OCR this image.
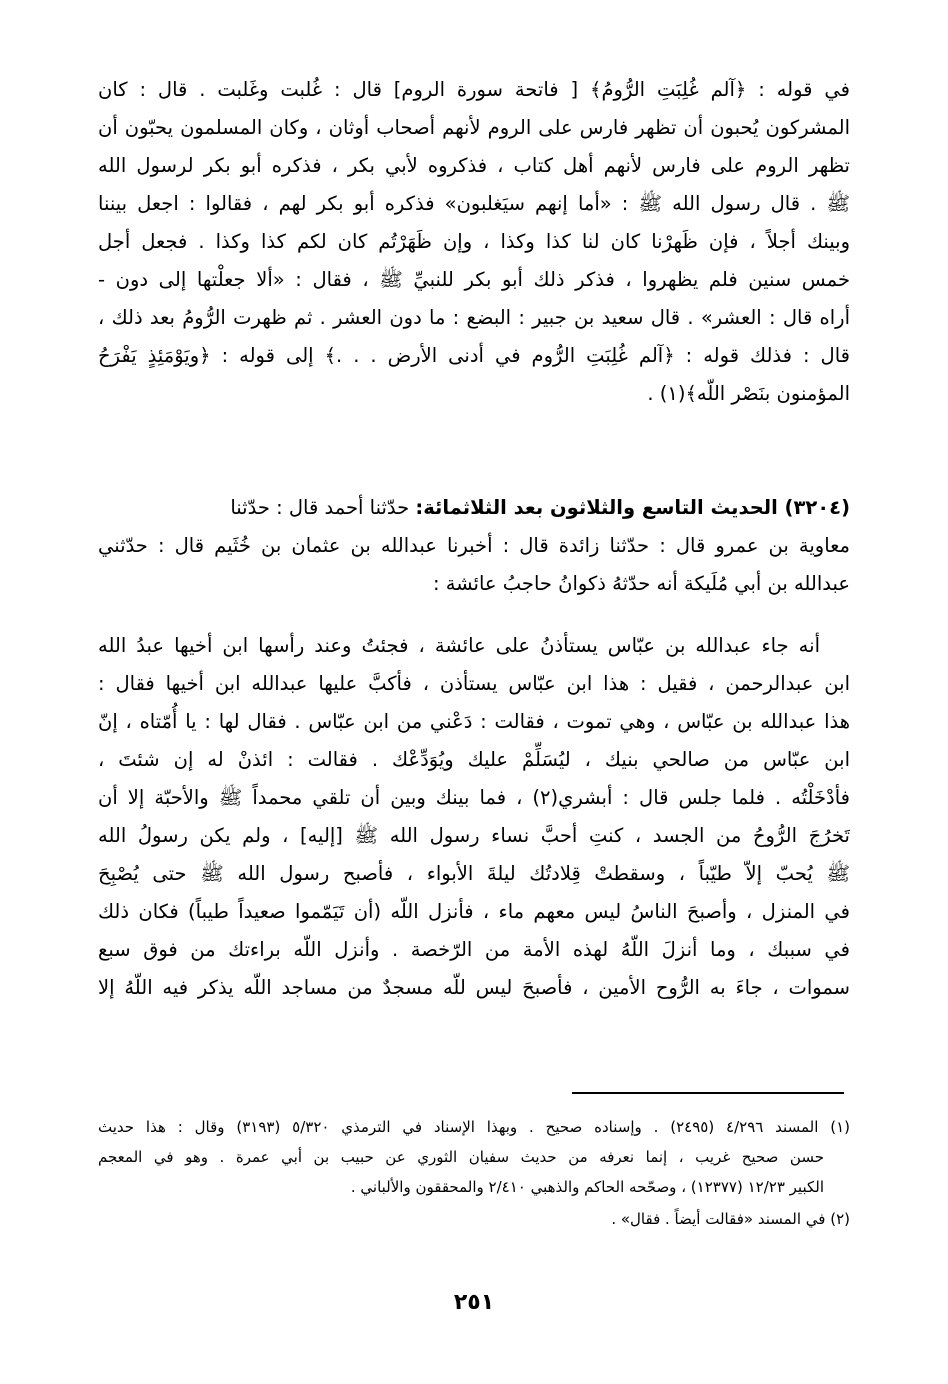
في قوله : ﴿آلم غُلِبَتِ الرُّومُ﴾ [ فاتحة سورة الروم] قال : غُلبت وغَلبت . قال : كان
المشركون يُحبون أن تظهر فارس على الروم لأنهم أصحاب أوثان ، وكان المسلمون يحبّون أن
تظهر الروم على فارس لأنهم أهل كتاب ، فذكروه لأبي بكر ، فذكره أبو بكر لرسول الله
ﷺ . قال رسول الله ﷺ : «أما إنهم سيَغلبون» فذكره أبو بكر لهم ، فقالوا : اجعل بيننا
وبينك أجلاً ، فإن ظَهرْنا كان لنا كذا وكذا ، وإن ظَهَرْتُم كان لكم كذا وكذا . فجعل أجل
خمس سنين فلم يظهروا ، فذكر ذلك أبو بكر للنبيِّ ﷺ ، فقال : «ألا جعلْتها إلى دون -
أراه قال : العشر» . قال سعيد بن جبير : البضع : ما دون العشر . ثم ظهرت الرُّومُ بعد ذلك ،
قال : فذلك قوله : ﴿آلم غُلِبَتِ الرُّوم في أدنى الأرض . . .﴾ إلى قوله : ﴿ويَوْمَئِذٍ يَفْرَحُ
المؤمنون بنَصْر اللّه﴾(١) .
(٣٢٠٤) الحديث التاسع والثلاثون بعد الثلاثمائة: حدّثنا أحمد قال : حدّثنا
معاوية بن عمرو قال : حدّثنا زائدة قال : أخبرنا عبدالله بن عثمان بن خُثَيم قال : حدّثني
عبدالله بن أبي مُلَيكة أنه حدّثهُ ذكوانُ حاجبُ عائشة :
أنه جاء عبدالله بن عبّاس يستأذنُ على عائشة ، فجئتُ وعند رأسها ابن أخيها عبدُ الله
ابن عبدالرحمن ، فقيل : هذا ابن عبّاس يستأذن ، فأكبَّ عليها عبدالله ابن أخيها فقال :
هذا عبدالله بن عبّاس ، وهي تموت ، فقالت : دَعْني من ابن عبّاس . فقال لها : يا أُمّتاه ، إنّ
ابن عبّاس من صالحي بنيك ، ليُسَلِّمْ عليك ويُوَدِّعْك . فقالت : ائذنْ له إن شئتَ ،
فأدْخَلْتُه . فلما جلس قال : أبشري(٢) ، فما بينك وبين أن تلقي محمداً ﷺ والأحبّة إلا أن
تَخرُجَ الرُّوحُ من الجسد ، كنتِ أحبَّ نساء رسول الله ﷺ [إليه] ، ولم يكن رسولُ الله
ﷺ يُحبّ إلاّ طيّباً ، وسقطتْ قِلادتُك ليلةَ الأبواء ، فأصبح رسول الله ﷺ حتى يُصْبِحَ
في المنزل ، وأصبحَ الناسُ ليس معهم ماء ، فأنزل اللّه (أن تَيَمّموا صعيداً طيباً) فكان ذلك
في سببك ، وما أنزلَ اللّهُ لهذه الأمة من الرّخصة . وأنزل اللّه براءتك من فوق سبع
سموات ، جاءَ به الرُّوح الأمين ، فأصبحَ ليس للّه مسجدٌ من مساجد اللّه يذكر فيه اللّهُ إلا
(١) المسند ٤/٢٩٦ (٢٤٩٥) . وإسناده صحيح . وبهذا الإسناد في الترمذي ٥/٣٢٠ (٣١٩٣) وقال : هذا حديث
حسن صحيح غريب ، إنما نعرفه من حديث سفيان الثوري عن حبيب بن أبي عمرة . وهو في المعجم
الكبير ١٢/٢٣ (١٢٣٧٧) ، وصحّحه الحاكم والذهبي ٢/٤١٠ والمحققون والألباني .
(٢) في المسند «فقالت أيضاً . فقال» .
٢٥١
